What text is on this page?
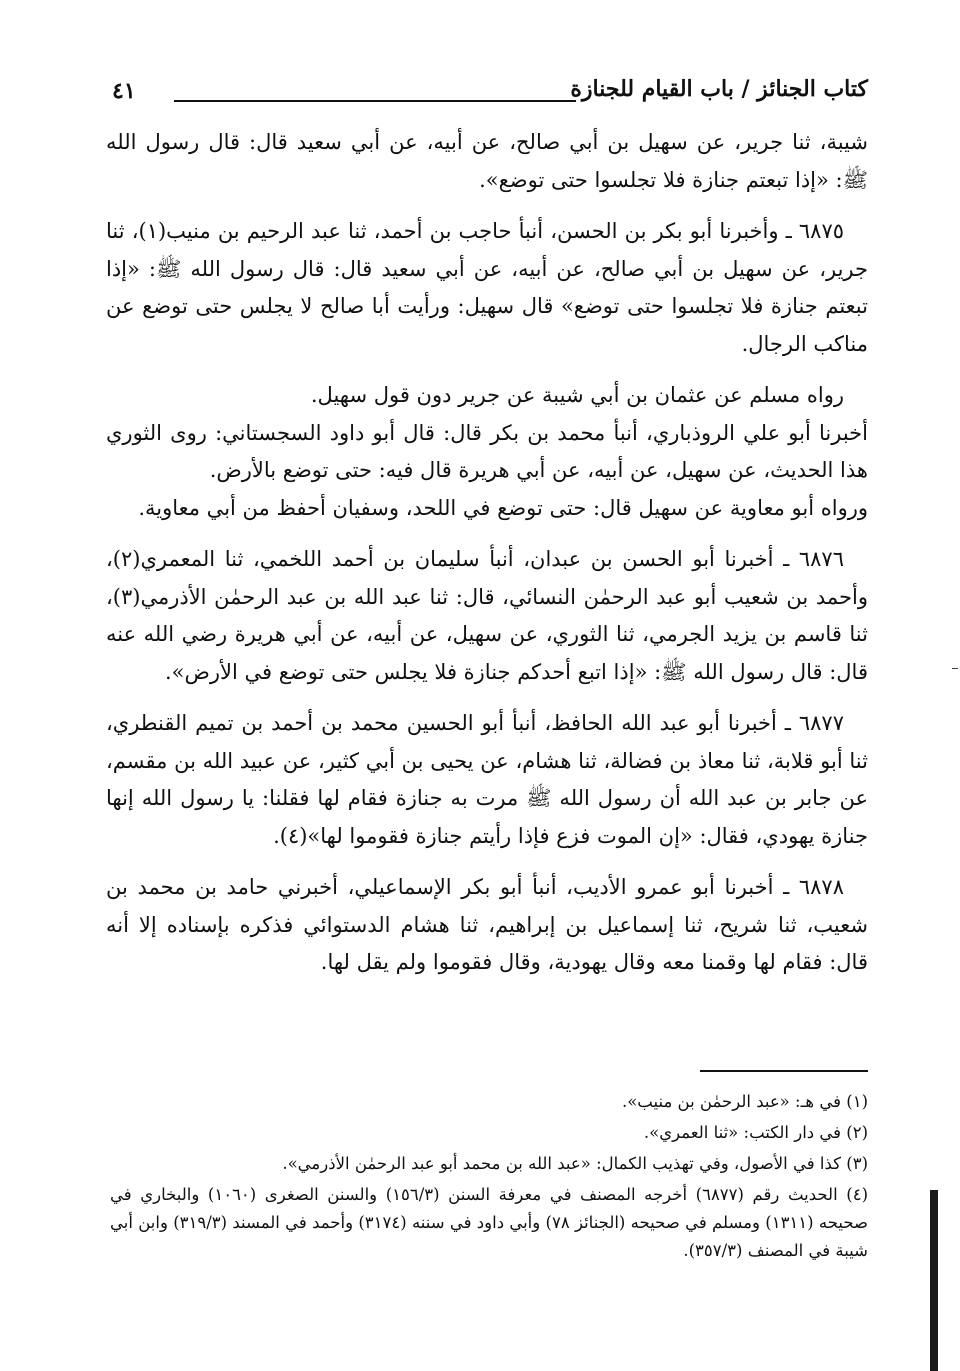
كتاب الجنائز / باب القيام للجنازة
٤١

شيبة، ثنا جرير، عن سهيل بن أبي صالح، عن أبيه، عن أبي سعيد قال: قال رسول الله ﷺ: «إذا تبعتم جنازة فلا تجلسوا حتى توضع».

٦٨٧٥ ـ وأخبرنا أبو بكر بن الحسن، أنبأ حاجب بن أحمد، ثنا عبد الرحيم بن منيب(١)، ثنا جرير، عن سهيل بن أبي صالح، عن أبيه، عن أبي سعيد قال: قال رسول الله ﷺ: «إذا تبعتم جنازة فلا تجلسوا حتى توضع» قال سهيل: ورأيت أبا صالح لا يجلس حتى توضع عن مناكب الرجال.

رواه مسلم عن عثمان بن أبي شيبة عن جرير دون قول سهيل.

أخبرنا أبو علي الروذباري، أنبأ محمد بن بكر قال: قال أبو داود السجستاني: روى الثوري هذا الحديث، عن سهيل، عن أبيه، عن أبي هريرة قال فيه: حتى توضع بالأرض.

ورواه أبو معاوية عن سهيل قال: حتى توضع في اللحد، وسفيان أحفظ من أبي معاوية.

٦٨٧٦ ـ أخبرنا أبو الحسن بن عبدان، أنبأ سليمان بن أحمد اللخمي، ثنا المعمري(٢)، وأحمد بن شعيب أبو عبد الرحمٰن النسائي، قال: ثنا عبد الله بن عبد الرحمٰن الأذرمي(٣)، ثنا قاسم بن يزيد الجرمي، ثنا الثوري، عن سهيل، عن أبيه، عن أبي هريرة رضي الله عنه قال: قال رسول الله ﷺ: «إذا اتبع أحدكم جنازة فلا يجلس حتى توضع في الأرض».

٦٨٧٧ ـ أخبرنا أبو عبد الله الحافظ، أنبأ أبو الحسين محمد بن أحمد بن تميم القنطري، ثنا أبو قلابة، ثنا معاذ بن فضالة، ثنا هشام، عن يحيى بن أبي كثير، عن عبيد الله بن مقسم، عن جابر بن عبد الله أن رسول الله ﷺ مرت به جنازة فقام لها فقلنا: يا رسول الله إنها جنازة يهودي، فقال: «إن الموت فزع فإذا رأيتم جنازة فقوموا لها»(٤).

٦٨٧٨ ـ أخبرنا أبو عمرو الأديب، أنبأ أبو بكر الإسماعيلي، أخبرني حامد بن محمد بن شعيب، ثنا شريح، ثنا إسماعيل بن إبراهيم، ثنا هشام الدستوائي فذكره بإسناده إلا أنه قال: فقام لها وقمنا معه وقال يهودية، وقال فقوموا ولم يقل لها.

(١) في هـ: «عبد الرحمٰن بن منيب».

(٢) في دار الكتب: «ثنا العمري».

(٣) كذا في الأصول، وفي تهذيب الكمال: «عبد الله بن محمد أبو عبد الرحمٰن الأذرمي».

(٤) الحديث رقم (٦٨٧٧) أخرجه المصنف في معرفة السنن (١٥٦/٣) والسنن الصغرى (١٠٦٠) والبخاري في صحيحه (١٣١١) ومسلم في صحيحه (الجنائز ٧٨) وأبي داود في سننه (٣١٧٤) وأحمد في المسند (٣١٩/٣) وابن أبي شيبة في المصنف (٣٥٧/٣).
